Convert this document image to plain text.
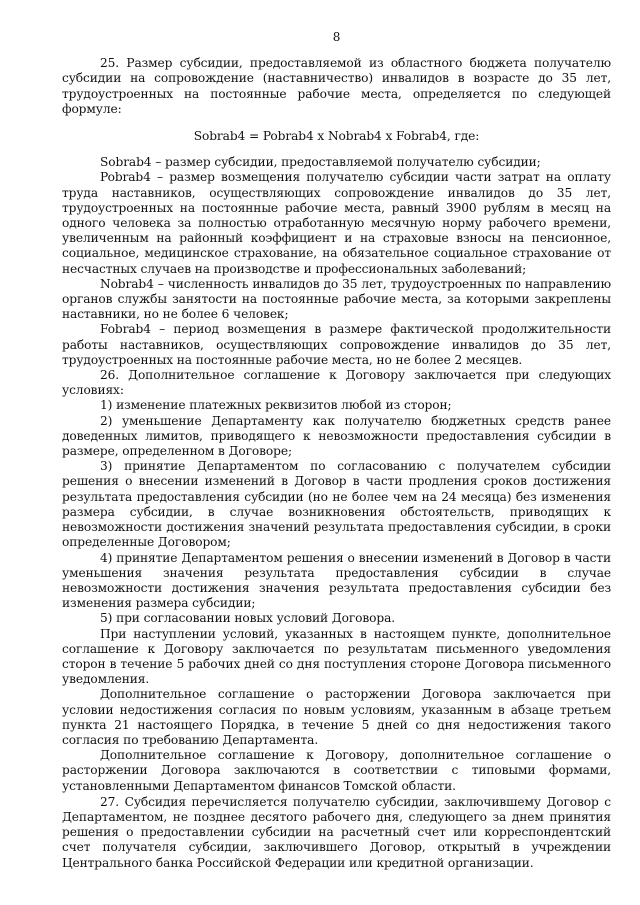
8

25. Размер субсидии, предоставляемой из областного бюджета получателю субсидии на сопровождение (наставничество) инвалидов в возрасте до 35 лет, трудоустроенных на постоянные рабочие места, определяется по следующей формуле:

Sobrab4 = Pobrab4 x Nobrab4 x Fobrab4, где:

Sobrab4 – размер субсидии, предоставляемой получателю субсидии;

Pobrab4 – размер возмещения получателю субсидии части затрат на оплату труда наставников, осуществляющих сопровождение инвалидов до 35 лет, трудоустроенных на постоянные рабочие места, равный 3900 рублям в месяц на одного человека за полностью отработанную месячную норму рабочего времени, увеличенным на районный коэффициент и на страховые взносы на пенсионное, социальное, медицинское страхование, на обязательное социальное страхование от несчастных случаев на производстве и профессиональных заболеваний;

Nobrab4 – численность инвалидов до 35 лет, трудоустроенных по направлению органов службы занятости на постоянные рабочие места, за которыми закреплены наставники, но не более 6 человек;

Fobrab4 – период возмещения в размере фактической продолжительности работы наставников, осуществляющих сопровождение инвалидов до 35 лет, трудоустроенных на постоянные рабочие места, но не более 2 месяцев.

26. Дополнительное соглашение к Договору заключается при следующих условиях:

1) изменение платежных реквизитов любой из сторон;

2) уменьшение Департаменту как получателю бюджетных средств ранее доведенных лимитов, приводящего к невозможности предоставления субсидии в размере, определенном в Договоре;

3) принятие Департаментом по согласованию с получателем субсидии решения о внесении изменений в Договор в части продления сроков достижения результата предоставления субсидии (но не более чем на 24 месяца) без изменения размера субсидии, в случае возникновения обстоятельств, приводящих к невозможности достижения значений результата предоставления субсидии, в сроки определенные Договором;

4) принятие Департаментом решения о внесении изменений в Договор в части уменьшения значения результата предоставления субсидии в случае невозможности достижения значения результата предоставления субсидии без изменения размера субсидии;

5) при согласовании новых условий Договора.

При наступлении условий, указанных в настоящем пункте, дополнительное соглашение к Договору заключается по результатам письменного уведомления сторон в течение 5 рабочих дней со дня поступления стороне Договора письменного уведомления.

Дополнительное соглашение о расторжении Договора заключается при условии недостижения согласия по новым условиям, указанным в абзаце третьем пункта 21 настоящего Порядка, в течение 5 дней со дня недостижения такого согласия по требованию Департамента.

Дополнительное соглашение к Договору, дополнительное соглашение о расторжении Договора заключаются в соответствии с типовыми формами, установленными Департаментом финансов Томской области.

27. Субсидия перечисляется получателю субсидии, заключившему Договор с Департаментом, не позднее десятого рабочего дня, следующего за днем принятия решения о предоставлении субсидии на расчетный счет или корреспондентский счет получателя субсидии, заключившего Договор, открытый в учреждении Центрального банка Российской Федерации или кредитной организации.
